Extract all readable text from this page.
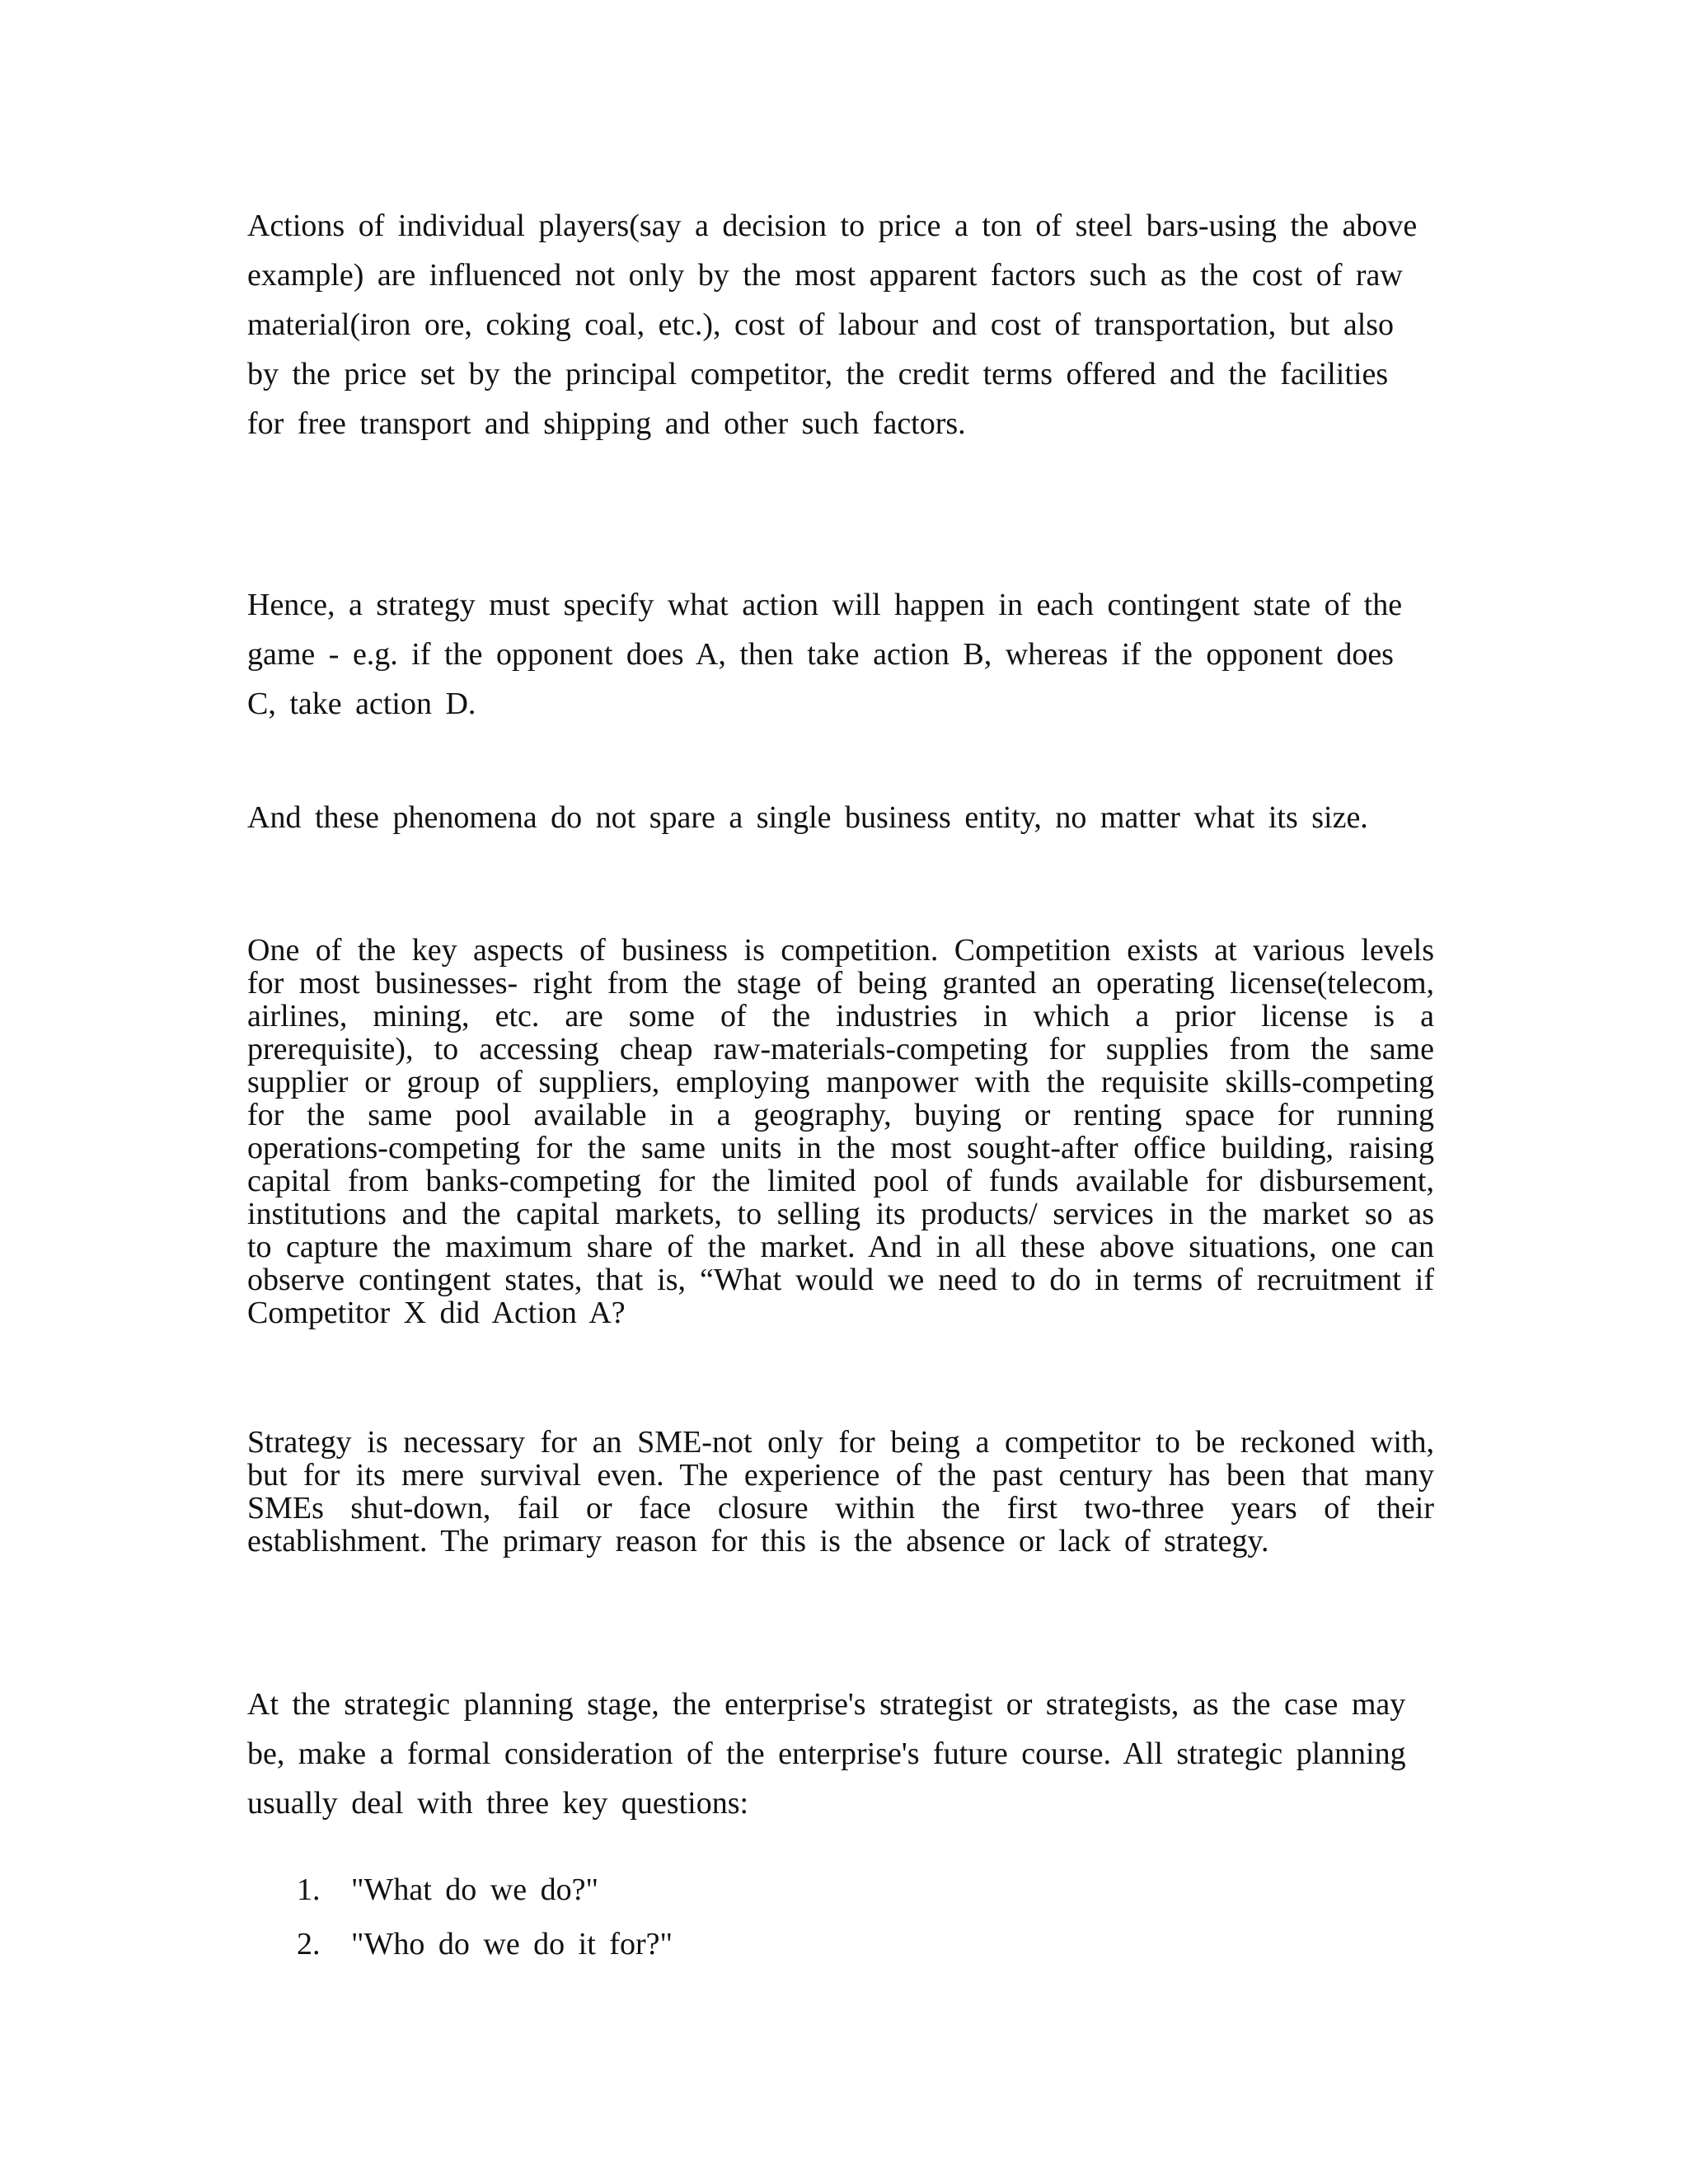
Actions of individual players(say a decision to price a ton of steel bars-using the above example) are influenced not only by the most apparent factors such as the cost of raw material(iron ore, coking coal, etc.), cost of labour and cost of transportation, but also by the price set by the principal competitor, the credit terms offered and the facilities for free transport and shipping and other such factors.

Hence, a strategy must specify what action will happen in each contingent state of the game - e.g. if the opponent does A, then take action B, whereas if the opponent does C, take action D.

And these phenomena do not spare a single business entity, no matter what its size.

One of the key aspects of business is competition. Competition exists at various levels for most businesses- right from the stage of being granted an operating license(telecom, airlines, mining, etc. are some of the industries in which a prior license is a prerequisite), to accessing cheap raw-materials-competing for supplies from the same supplier or group of suppliers, employing manpower with the requisite skills-competing for the same pool available in a geography, buying or renting space for running operations-competing for the same units in the most sought-after office building, raising capital from banks-competing for the limited pool of funds available for disbursement, institutions and the capital markets, to selling its products/ services in the market so as to capture the maximum share of the market. And in all these above situations, one can observe contingent states, that is, “What would we need to do in terms of recruitment if Competitor X did Action A?

Strategy is necessary for an SME-not only for being a competitor to be reckoned with, but for its mere survival even. The experience of the past century has been that many SMEs shut-down, fail or face closure within the first two-three years of their establishment. The primary reason for this is the absence or lack of strategy.

At the strategic planning stage, the enterprise's strategist or strategists, as the case may be, make a formal consideration of the enterprise's future course. All strategic planning usually deal with three key questions:

1. "What do we do?"
2. "Who do we do it for?"
